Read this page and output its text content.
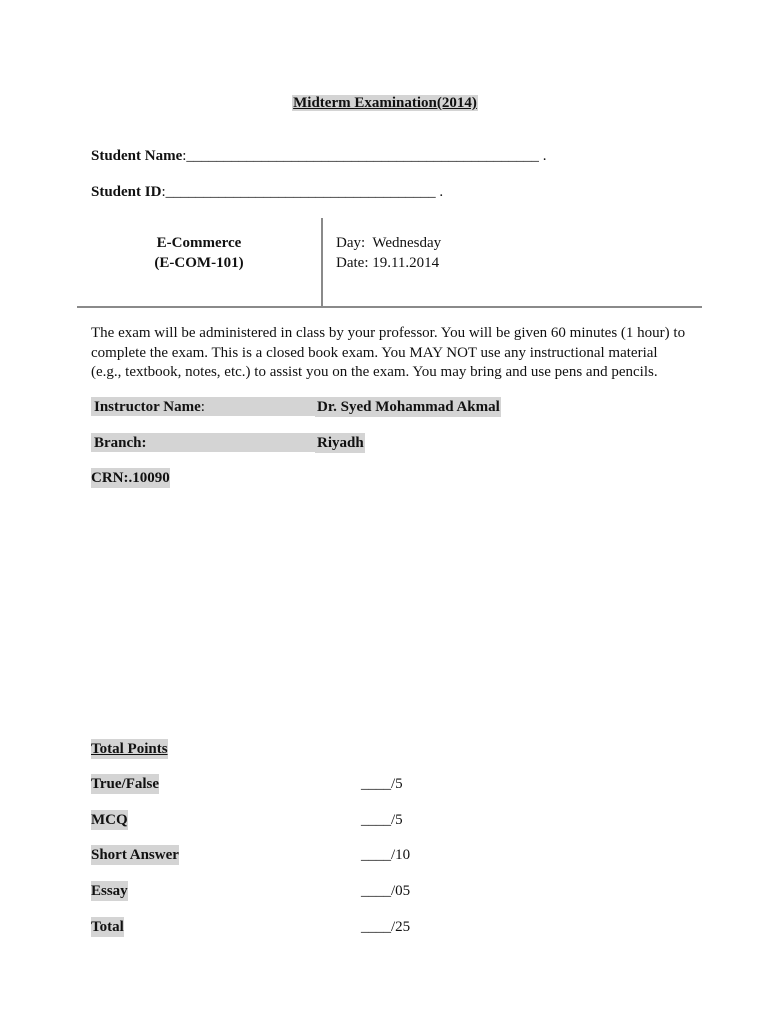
Midterm Examination(2014)
Student Name:_______________________________________________ .
Student ID:____________________________________ .
E-Commerce
(E-COM-101)
Day:  Wednesday
Date: 19.11.2014
The exam will be administered in class by your professor. You will be given 60 minutes (1 hour) to complete the exam. This is a closed book exam. You MAY NOT use any instructional material (e.g., textbook, notes, etc.) to assist you on the exam. You may bring and use pens and pencils.
Instructor Name:	Dr. Syed Mohammad Akmal
Branch:	Riyadh
CRN:.10090
Total Points
True/False	____/5
MCQ	____/5
Short Answer	____/10
Essay	____/05
Total	____/25
